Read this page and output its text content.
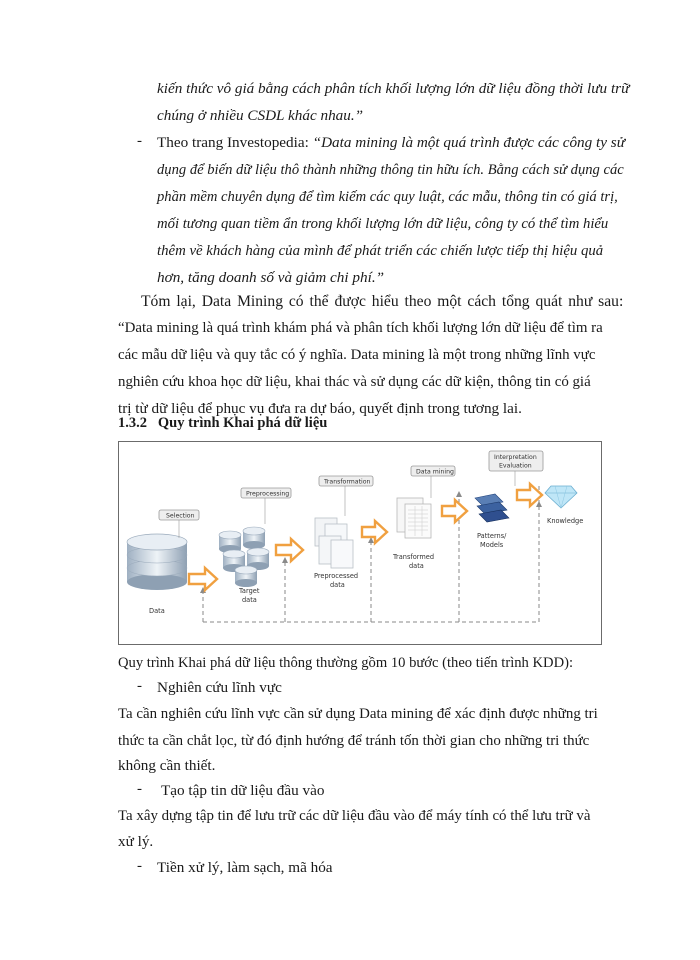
kiến thức vô giá bằng cách phân tích khối lượng lớn dữ liệu đồng thời lưu trữ
chúng ở nhiều CSDL khác nhau.”
- Theo trang Investopedia: “Data mining là một quá trình được các công ty sử
dụng để biến dữ liệu thô thành những thông tin hữu ích. Bằng cách sử dụng các
phần mềm chuyên dụng để tìm kiếm các quy luật, các mẫu, thông tin có giá trị,
mối tương quan tiềm ẩn trong khối lượng lớn dữ liệu, công ty có thể tìm hiểu
thêm về khách hàng của mình để phát triển các chiến lược tiếp thị hiệu quả
hơn, tăng doanh số và giảm chi phí.”
Tóm lại, Data Mining có thể được hiểu theo một cách tổng quát như sau:
“Data mining là quá trình khám phá và phân tích khối lượng lớn dữ liệu để tìm ra
các mẫu dữ liệu và quy tắc có ý nghĩa. Data mining là một trong những lĩnh vực
nghiên cứu khoa học dữ liệu, khai thác và sử dụng các dữ kiện, thông tin có giá
trị từ dữ liệu để phục vụ đưa ra dự báo, quyết định trong tương lai.
1.3.2 Quy trình Khai phá dữ liệu
Data
Target
data
Preprocessed
data
Transformed
data
Patterns/
Models
Knowledge
Selection
Preprocessing
Transformation
Data mining
Interpretation
Evaluation
Quy trình Khai phá dữ liệu thông thường gồm 10 bước (theo tiến trình KDD):
- Nghiên cứu lĩnh vực
Ta cần nghiên cứu lĩnh vực cần sử dụng Data mining để xác định được những tri
thức ta cần chắt lọc, từ đó định hướng để tránh tốn thời gian cho những tri thức
không cần thiết.
- Tạo tập tin dữ liệu đầu vào
Ta xây dựng tập tin để lưu trữ các dữ liệu đầu vào để máy tính có thể lưu trữ và
xử lý.
- Tiền xử lý, làm sạch, mã hóa
